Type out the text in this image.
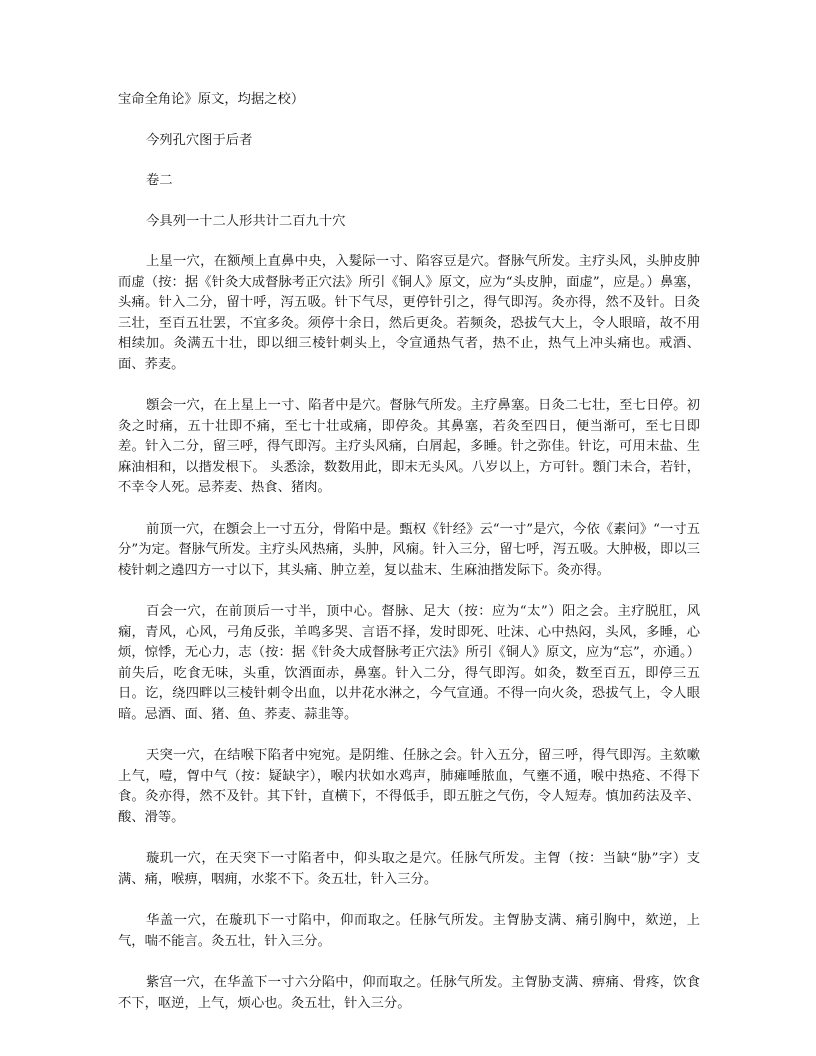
宝命全角论》原文，均据之校）

今列孔穴图于后者

卷二

今具列一十二人形共计二百九十穴

上星一穴，在额颅上直鼻中央，入髮际一寸、陷容豆是穴。督脉气所发。主疗头风，头肿皮肿而虚（按：据《针灸大成督脉考正穴法》所引《铜人》原文，应为“头皮肿，面虚”，应是。）鼻塞，头痛。针入二分，留十呼，泻五吸。针下气尽，更停针引之，得气即泻。灸亦得，然不及针。日灸三壮，至百五壮罢，不宜多灸。须停十余日，然后更灸。若频灸，恐拔气大上，令人眼暗，故不用相续加。灸满五十壮，即以细三棱针刺头上，令宣通热气者，热不止，热气上冲头痛也。戒酒、面、荞麦。

顖会一穴，在上星上一寸、陷者中是穴。督脉气所发。主疗鼻塞。日灸二七壮，至七日停。初灸之时痛，五十壮即不痛，至七十壮或痛，即停灸。其鼻塞，若灸至四日，便当渐可，至七日即差。针入二分，留三呼，得气即泻。主疗头风痛，白屑起，多睡。针之弥佳。针讫，可用末盐、生麻油相和，以揩发根下。 头悉涂，数数用此，即末无头风。八岁以上，方可针。顖门未合，若针，不幸令人死。忌荞麦、热食、猪肉。

前顶一穴，在顖会上一寸五分，骨陷中是。甄权《针经》云“一寸”是穴，今依《素问》“一寸五分”为定。督脉气所发。主疗头风热痛，头肿，风痫。针入三分，留七呼，泻五吸。大肿极，即以三棱针刺之遶四方一寸以下，其头痛、肿立差，复以盐末、生麻油揩发际下。灸亦得。

百会一穴，在前顶后一寸半，顶中心。督脉、足大（按：应为“太”）阳之会。主疗脱肛，风痫，青风，心风，弓角反张，羊鸣多哭、言语不择，发时即死、吐沫、心中热闷，头风，多睡，心烦，惊悸，无心力，志（按：据《针灸大成督脉考正穴法》所引《铜人》原文，应为“忘”，亦通。）前失后，吃食无味，头重，饮酒面赤，鼻塞。针入二分，得气即泻。如灸，数至百五，即停三五日。讫，绕四畔以三棱针刺令出血，以井花水淋之，今气宣通。不得一向火灸，恐拔气上，令人眼暗。忌酒、面、猪、鱼、荞麦、蒜韭等。

天突一穴，在结喉下陷者中宛宛。是阴维、任脉之会。针入五分，留三呼，得气即泻。主欬嗽上气，噎，胷中气（按：疑缺字），喉内状如水鸡声，肺瘫唾脓血，气壅不通，喉中热疮、不得下食。灸亦得，然不及针。其下针，直横下，不得低手，即五脏之气伤，令人短寿。慎加药法及辛、酸、滑等。

璇玑一穴，在天突下一寸陷者中，仰头取之是穴。任脉气所发。主胷（按：当缺“胁”字）支满、痛，喉痹，咽痈，水浆不下。灸五壮，针入三分。

华盖一穴，在璇玑下一寸陷中，仰而取之。任脉气所发。主胷胁支满、痛引胸中，欬逆，上气，喘不能言。灸五壮，针入三分。

紫宫一穴，在华盖下一寸六分陷中，仰而取之。任脉气所发。主胷胁支满、痹痛、骨疼，饮食不下，呕逆，上气，烦心也。灸五壮，针入三分。
